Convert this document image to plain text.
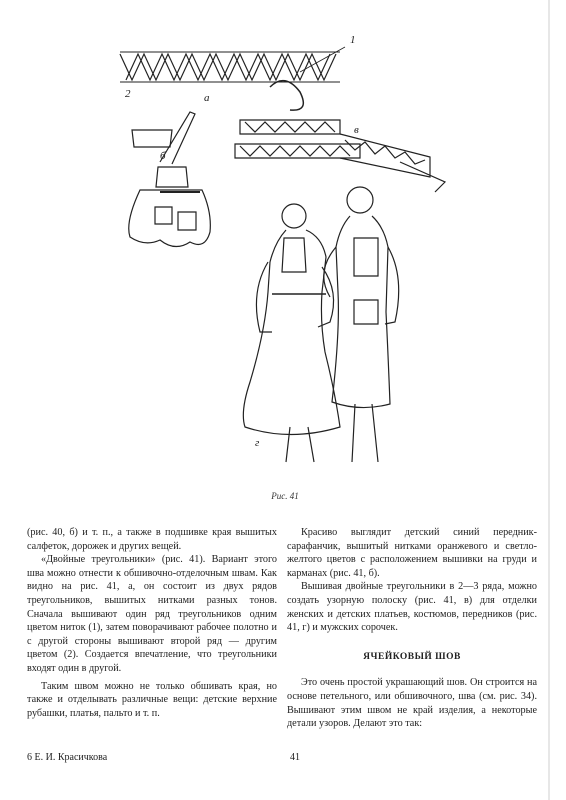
2	а
1
б
в
г
Рис. 41

(рис. 40, б) и т. п., а также в подшивке края вышитых салфеток, дорожек и других вещей.

«Двойные треугольники» (рис. 41). Вариант этого шва можно отнести к обшивочно-отделочным швам. Как видно на рис. 41, а, он состоит из двух рядов треугольников, вышитых нитками разных тонов. Сначала вышивают один ряд треугольников одним цветом ниток (1), затем поворачивают рабочее полотно и с другой стороны вышивают второй ряд — другим цветом (2). Создается впечатление, что треугольники входят один в другой.

Таким швом можно не только обшивать края, но также и отделывать различные вещи: детские верхние рубашки, платья, пальто и т. п.

Красиво выглядит детский синий передник-сарафанчик, вышитый нитками оранжевого и светло-желтого цветов с расположением вышивки на груди и карманах (рис. 41, б).

Вышивая двойные треугольники в 2—3 ряда, можно создать узорную полоску (рис. 41, в) для отделки женских и детских платьев, костюмов, передников (рис. 41, г) и мужских сорочек.

ЯЧЕЙКОВЫЙ ШОВ

Это очень простой украшающий шов. Он строится на основе петельного, или обшивочного, шва (см. рис. 34). Вышивают этим швом не край изделия, а некоторые детали узоров. Делают это так:

6 Е. И. Красичкова	41
